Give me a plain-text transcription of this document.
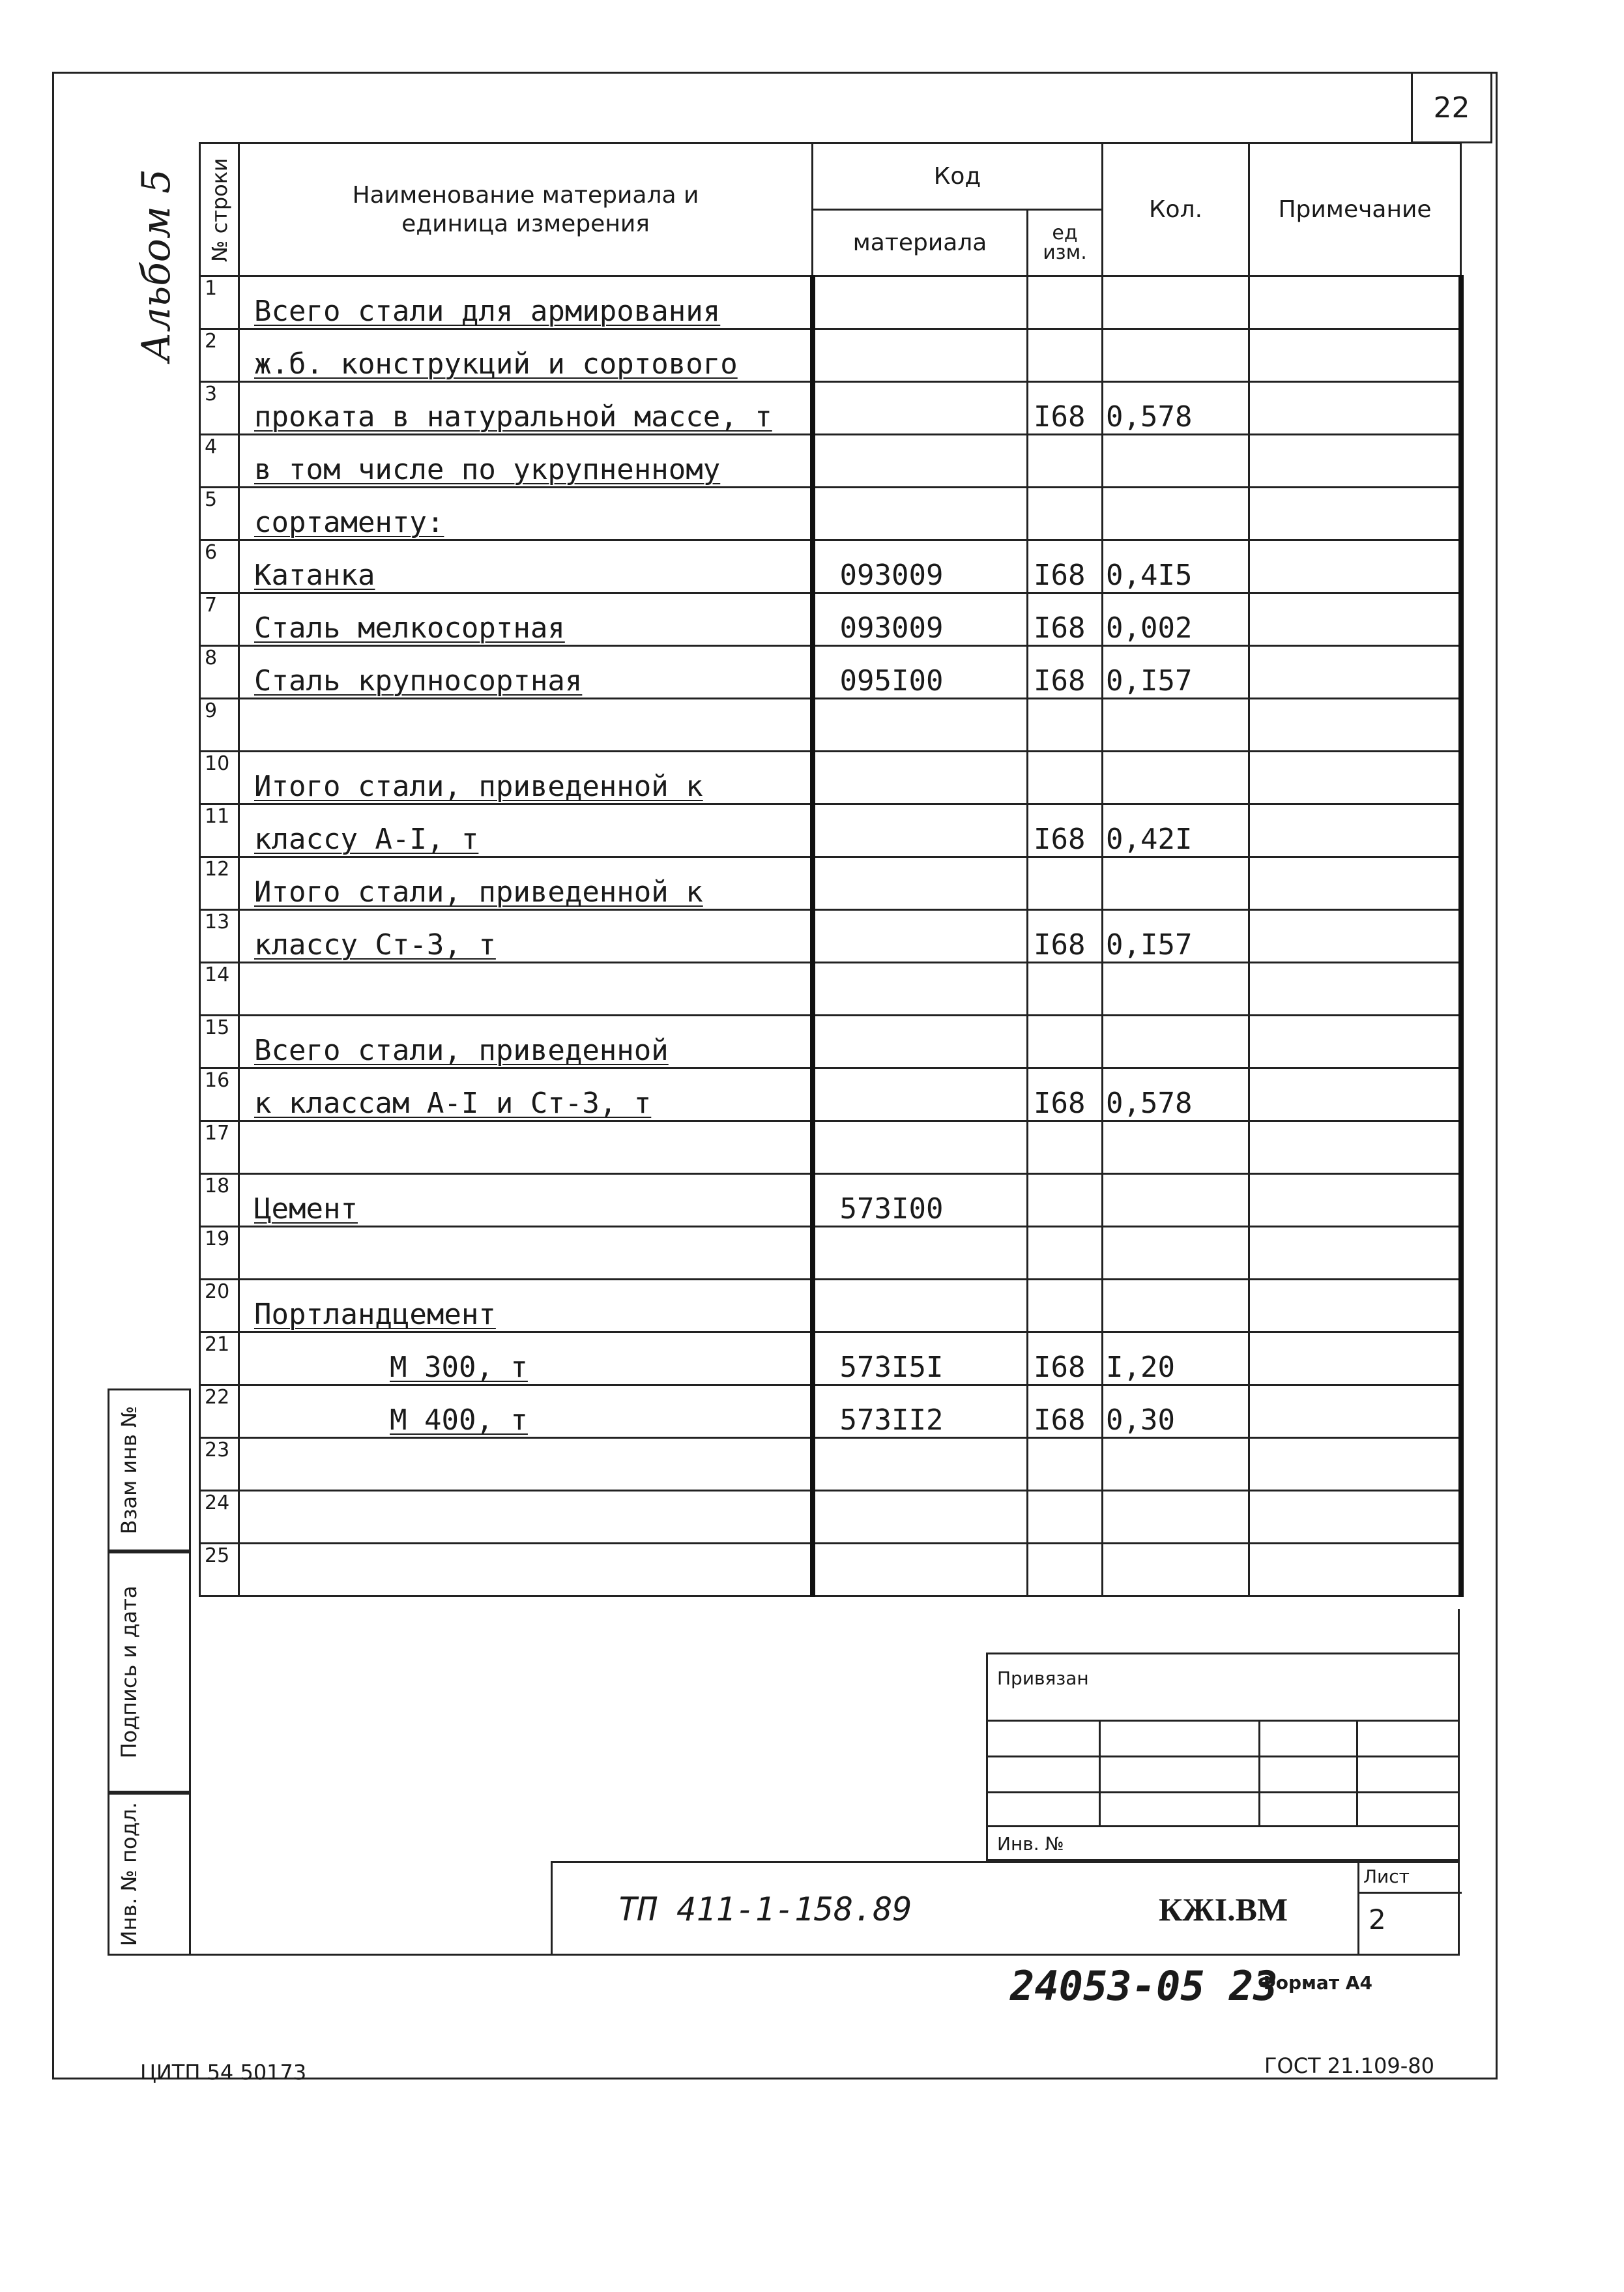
22
Альбом 5 № строки	Наименование материала и единица измерения	Код		Кол.	Примечание
		материала	ед изм.		
1	Всего стали для армирования				
2	ж.б. конструкций и сортового				
3	проката в натуральной массе, т		I68	0,578	
4	в том числе по укрупненному				
5	сортаменту:				
6	Катанка	093009	I68	0,4I5	
7	Сталь мелкосортная	093009	I68	0,002	
8	Сталь крупносортная	095I00	I68	0,I57	
9					
10	Итого стали, приведенной к				
11	классу А-I, т		I68	0,42I	
12	Итого стали, приведенной к				
13	классу Ст-3, т		I68	0,I57	
14					
15	Всего стали, приведенной				
16	к классам А-I и Ст-3, т		I68	0,578	
17					
18	Цемент	573I00			
19					
20	Портландцемент				
21	М 300, т	573I5I	I68	I,20	
22	М 400, т	573II2	I68	0,30	
23					
24					
25					
Взам инв №
Подпись и дата
Инв. № подл.
Привязан
Инв. №
ТП 411-1-158.89	КЖI.ВМ
Лист
2
24053-05 23
Формат А4
ЦИТП 54 50173	ГОСТ 21.109-80
